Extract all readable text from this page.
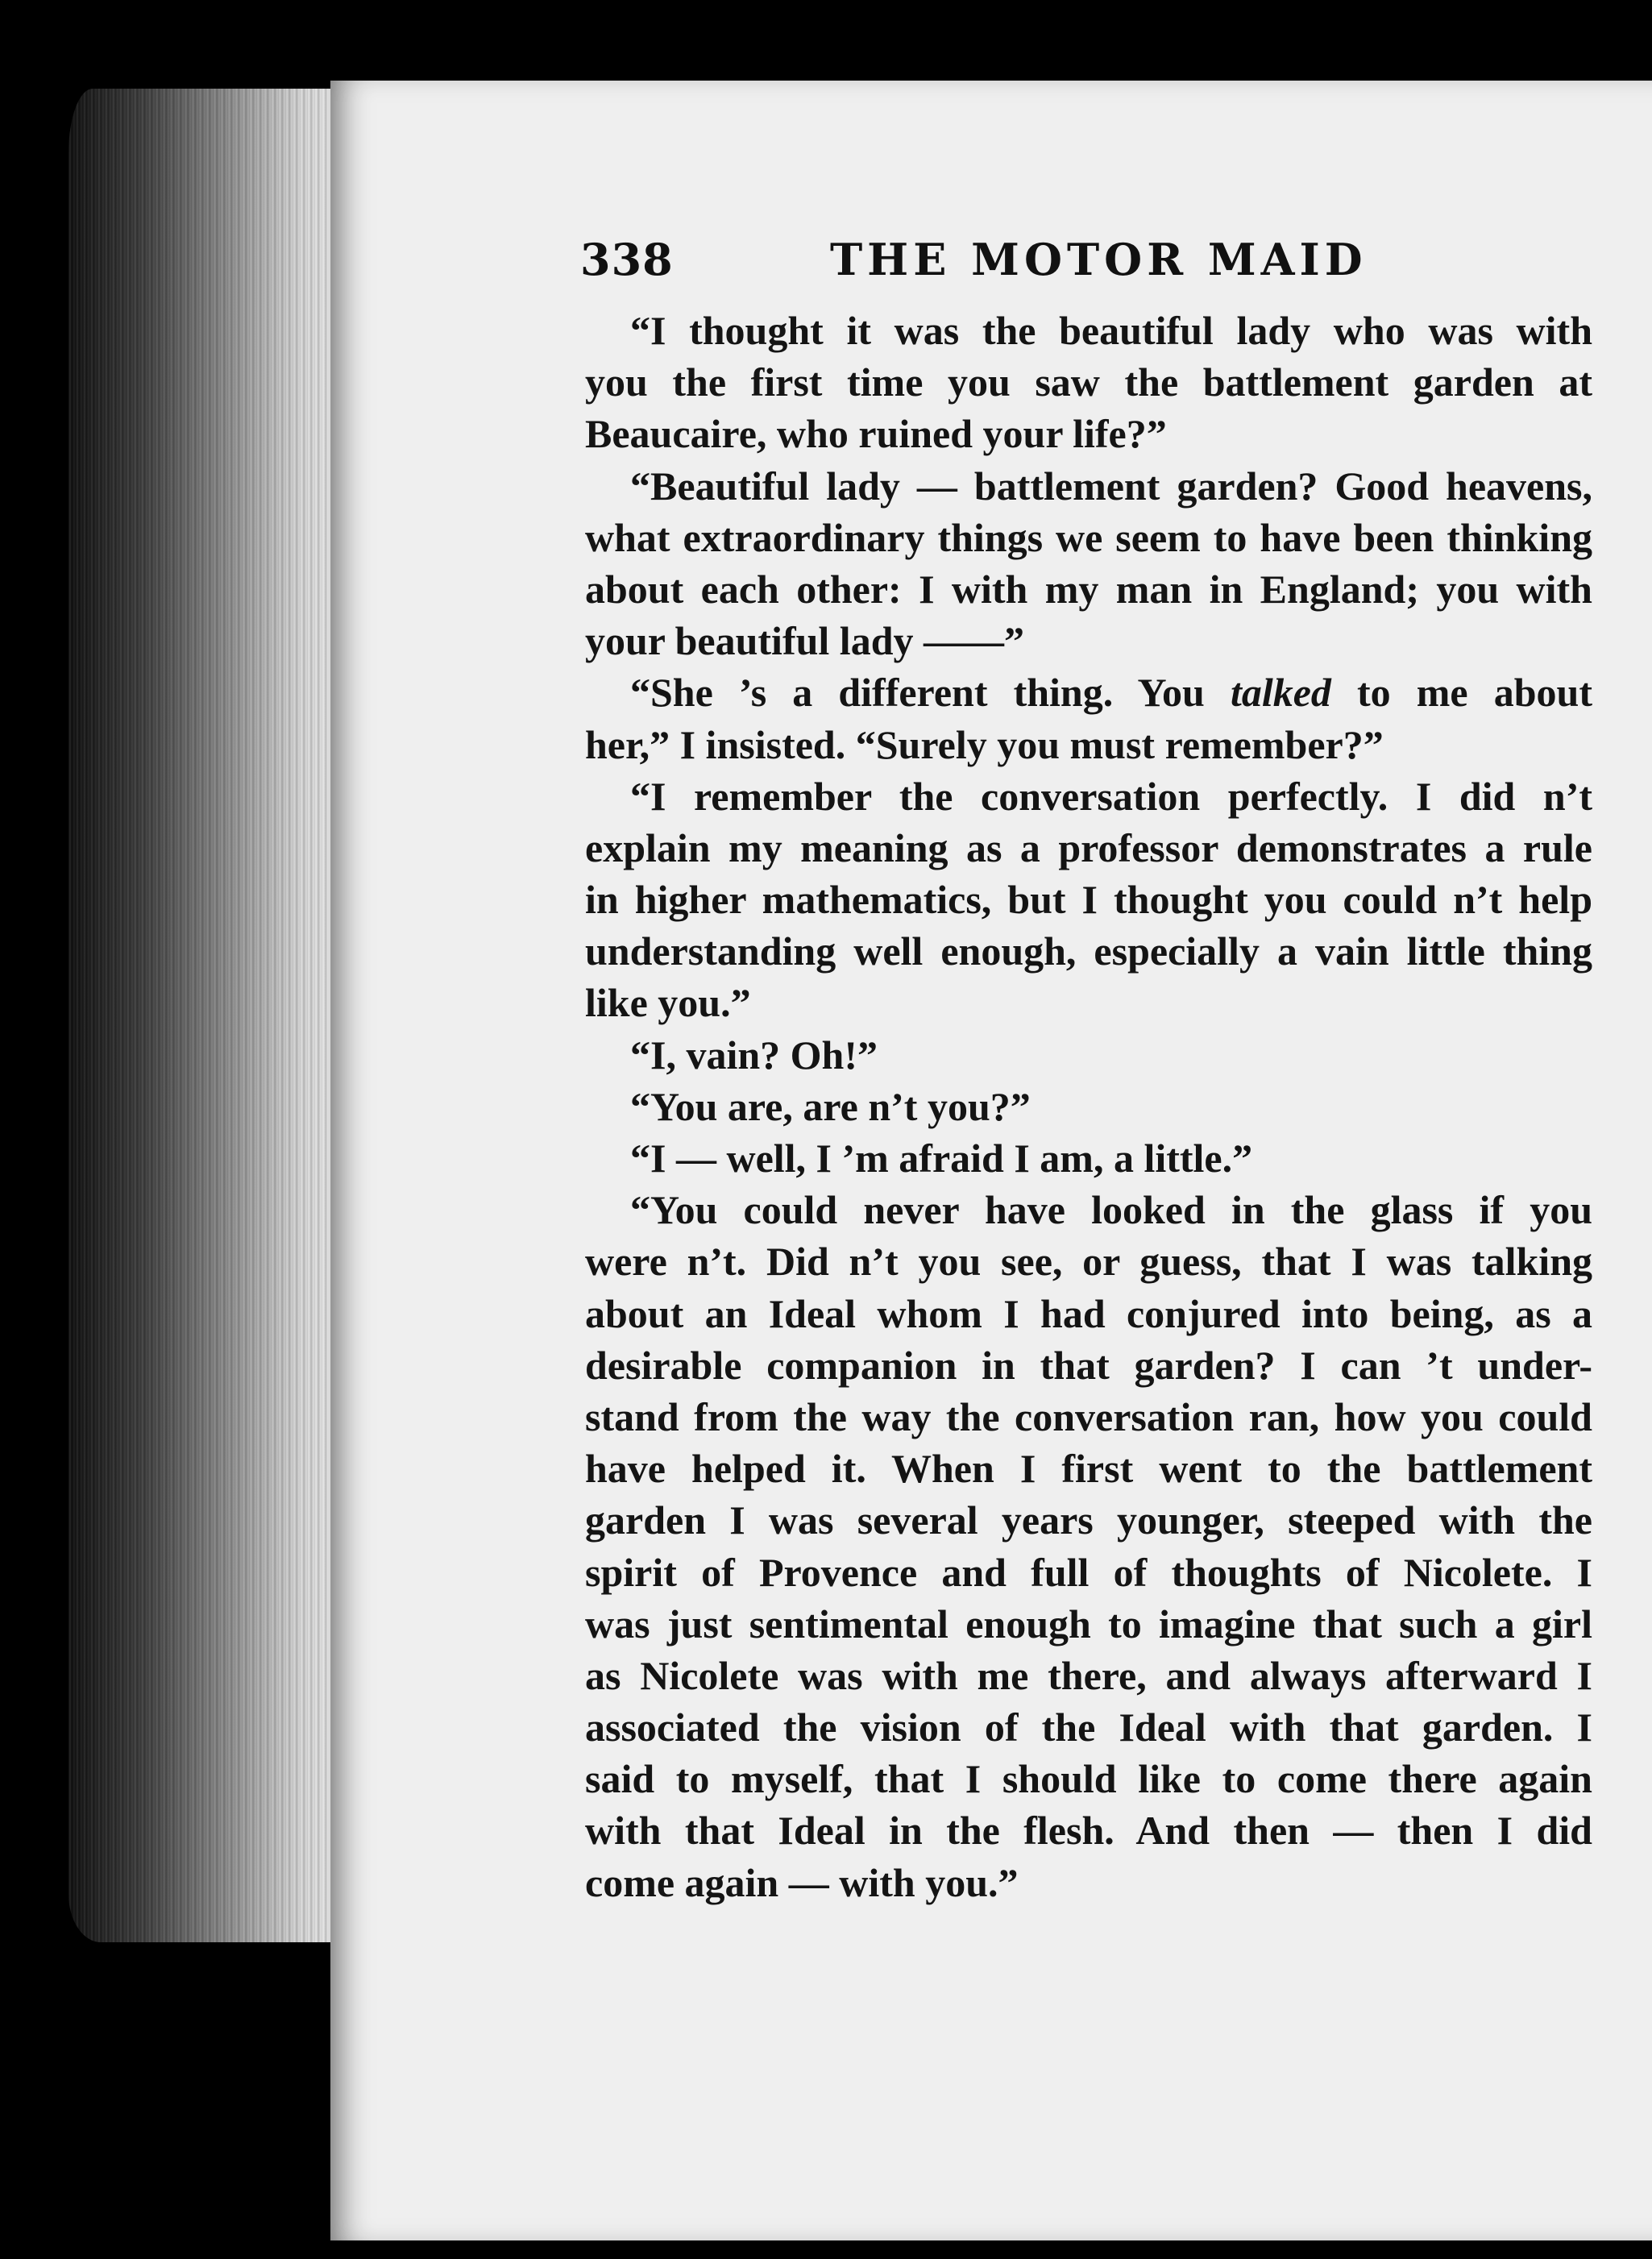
338	THE MOTOR MAID
“I thought it was the beautiful lady who was with
you the first time you saw the battlement garden at
Beaucaire, who ruined your life?”
“Beautiful lady — battlement garden? Good heavens,
what extraordinary things we seem to have been thinking
about each other: I with my man in England; you with
your beautiful lady ——”
“She ’s a different thing. You talked to me about
her,” I insisted. “Surely you must remember?”
“I remember the conversation perfectly. I did n’t
explain my meaning as a professor demonstrates a rule
in higher mathematics, but I thought you could n’t help
understanding well enough, especially a vain little thing
like you.”
“I, vain? Oh!”
“You are, are n’t you?”
“I — well, I ’m afraid I am, a little.”
“You could never have looked in the glass if you
were n’t. Did n’t you see, or guess, that I was talking
about an Ideal whom I had conjured into being, as a
desirable companion in that garden? I can ’t under-
stand from the way the conversation ran, how you could
have helped it. When I first went to the battlement
garden I was several years younger, steeped with the
spirit of Provence and full of thoughts of Nicolete. I
was just sentimental enough to imagine that such a girl
as Nicolete was with me there, and always afterward I
associated the vision of the Ideal with that garden. I
said to myself, that I should like to come there again
with that Ideal in the flesh. And then — then I did
come again — with you.”
